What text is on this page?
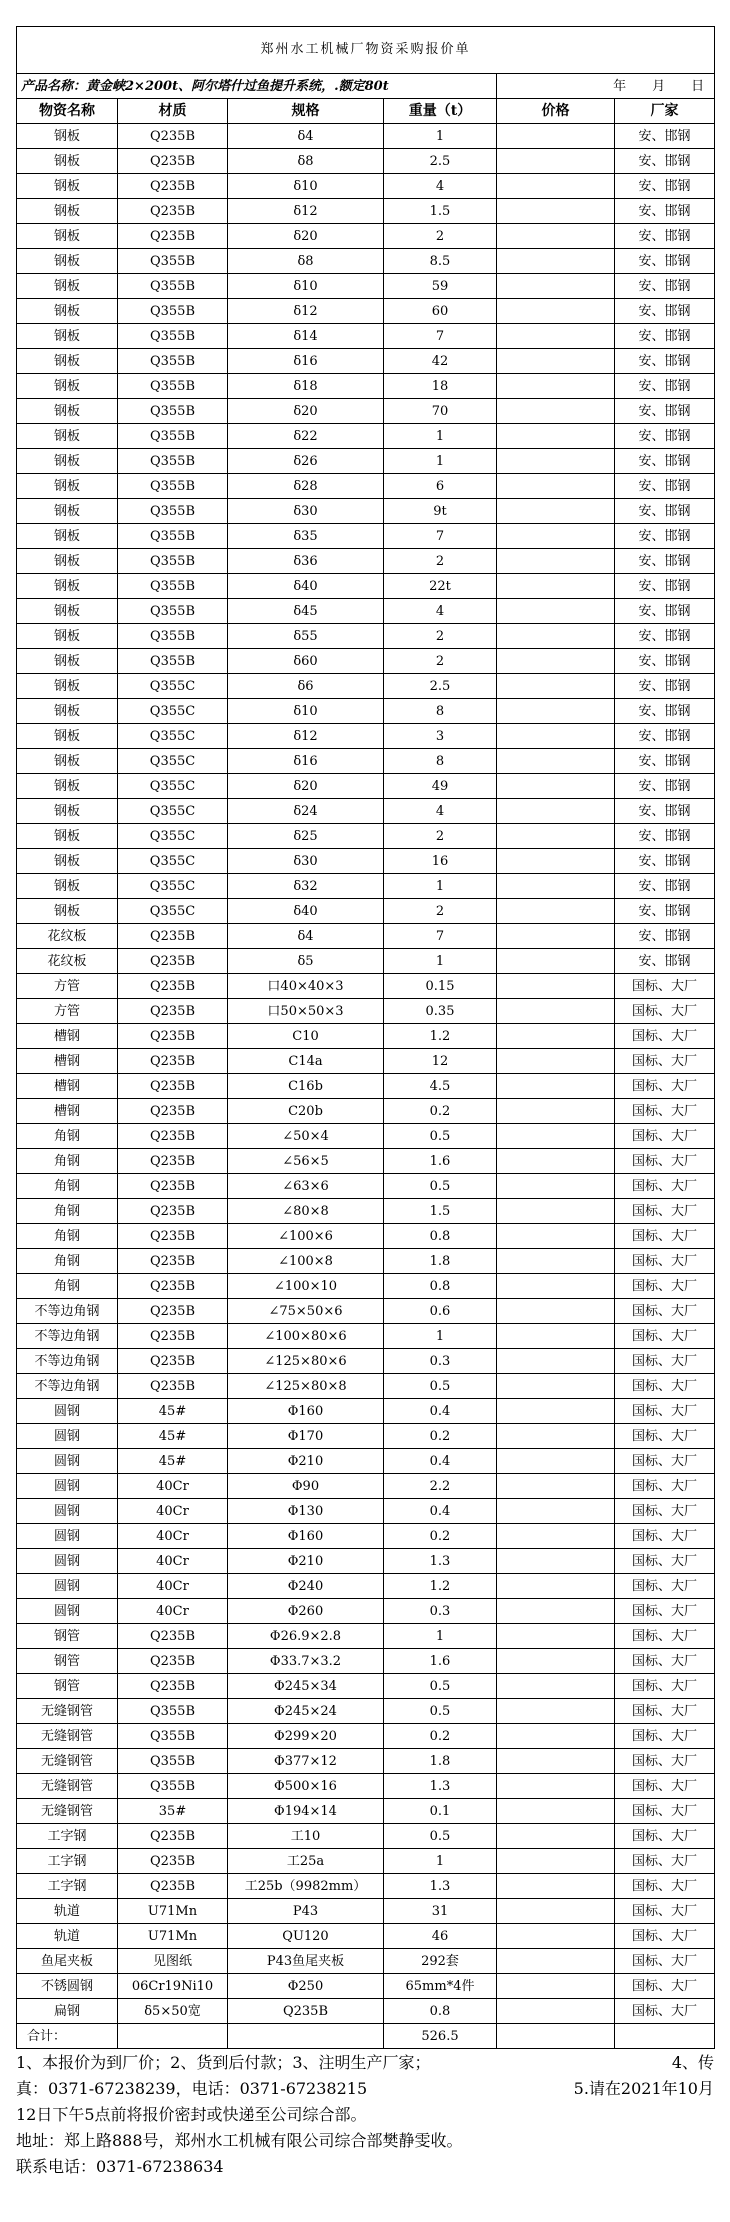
郑州水工机械厂物资采购报价单					
产品名称：黄金峡2×200t、阿尔塔什过鱼提升系统，.额定80t				年　　月　　日	
物资名称	材质	规格	重量（t）	价格	厂家
钢板	Q235B	δ4	1		安、邯钢
钢板	Q235B	δ8	2.5		安、邯钢
钢板	Q235B	δ10	4		安、邯钢
钢板	Q235B	δ12	1.5		安、邯钢
钢板	Q235B	δ20	2		安、邯钢
钢板	Q355B	δ8	8.5		安、邯钢
钢板	Q355B	δ10	59		安、邯钢
钢板	Q355B	δ12	60		安、邯钢
钢板	Q355B	δ14	7		安、邯钢
钢板	Q355B	δ16	42		安、邯钢
钢板	Q355B	δ18	18		安、邯钢
钢板	Q355B	δ20	70		安、邯钢
钢板	Q355B	δ22	1		安、邯钢
钢板	Q355B	δ26	1		安、邯钢
钢板	Q355B	δ28	6		安、邯钢
钢板	Q355B	δ30	9t		安、邯钢
钢板	Q355B	δ35	7		安、邯钢
钢板	Q355B	δ36	2		安、邯钢
钢板	Q355B	δ40	22t		安、邯钢
钢板	Q355B	δ45	4		安、邯钢
钢板	Q355B	δ55	2		安、邯钢
钢板	Q355B	δ60	2		安、邯钢
钢板	Q355C	δ6	2.5		安、邯钢
钢板	Q355C	δ10	8		安、邯钢
钢板	Q355C	δ12	3		安、邯钢
钢板	Q355C	δ16	8		安、邯钢
钢板	Q355C	δ20	49		安、邯钢
钢板	Q355C	δ24	4		安、邯钢
钢板	Q355C	δ25	2		安、邯钢
钢板	Q355C	δ30	16		安、邯钢
钢板	Q355C	δ32	1		安、邯钢
钢板	Q355C	δ40	2		安、邯钢
花纹板	Q235B	δ4	7		安、邯钢
花纹板	Q235B	δ5	1		安、邯钢
方管	Q235B	口40×40×3	0.15		国标、大厂
方管	Q235B	口50×50×3	0.35		国标、大厂
槽钢	Q235B	C10	1.2		国标、大厂
槽钢	Q235B	C14a	12		国标、大厂
槽钢	Q235B	C16b	4.5		国标、大厂
槽钢	Q235B	C20b	0.2		国标、大厂
角钢	Q235B	∠50×4	0.5		国标、大厂
角钢	Q235B	∠56×5	1.6		国标、大厂
角钢	Q235B	∠63×6	0.5		国标、大厂
角钢	Q235B	∠80×8	1.5		国标、大厂
角钢	Q235B	∠100×6	0.8		国标、大厂
角钢	Q235B	∠100×8	1.8		国标、大厂
角钢	Q235B	∠100×10	0.8		国标、大厂
不等边角钢	Q235B	∠75×50×6	0.6		国标、大厂
不等边角钢	Q235B	∠100×80×6	1		国标、大厂
不等边角钢	Q235B	∠125×80×6	0.3		国标、大厂
不等边角钢	Q235B	∠125×80×8	0.5		国标、大厂
圆钢	45#	Φ160	0.4		国标、大厂
圆钢	45#	Φ170	0.2		国标、大厂
圆钢	45#	Φ210	0.4		国标、大厂
圆钢	40Cr	Φ90	2.2		国标、大厂
圆钢	40Cr	Φ130	0.4		国标、大厂
圆钢	40Cr	Φ160	0.2		国标、大厂
圆钢	40Cr	Φ210	1.3		国标、大厂
圆钢	40Cr	Φ240	1.2		国标、大厂
圆钢	40Cr	Φ260	0.3		国标、大厂
钢管	Q235B	Φ26.9×2.8	1		国标、大厂
钢管	Q235B	Φ33.7×3.2	1.6		国标、大厂
钢管	Q235B	Φ245×34	0.5		国标、大厂
无缝钢管	Q355B	Φ245×24	0.5		国标、大厂
无缝钢管	Q355B	Φ299×20	0.2		国标、大厂
无缝钢管	Q355B	Φ377×12	1.8		国标、大厂
无缝钢管	Q355B	Φ500×16	1.3		国标、大厂
无缝钢管	35#	Φ194×14	0.1		国标、大厂
工字钢	Q235B	工10	0.5		国标、大厂
工字钢	Q235B	工25a	1		国标、大厂
工字钢	Q235B	工25b（9982mm）	1.3		国标、大厂
轨道	U71Mn	P43	31		国标、大厂
轨道	U71Mn	QU120	46		国标、大厂
鱼尾夹板	见图纸	P43鱼尾夹板	292套		国标、大厂
不锈圆钢	06Cr19Ni10	Φ250	65mm*4件		国标、大厂
扁钢	δ5×50宽	Q235B	0.8		国标、大厂
合计：			526.5		
1、本报价为到厂价；2、货到后付款；3、注明生产厂家；	4、传
真：0371-67238239，电话：0371-67238215	5.请在2021年10月
12日下午5点前将报价密封或快递至公司综合部。
地址：郑上路888号，郑州水工机械有限公司综合部樊静雯收。
联系电话：0371-67238634
